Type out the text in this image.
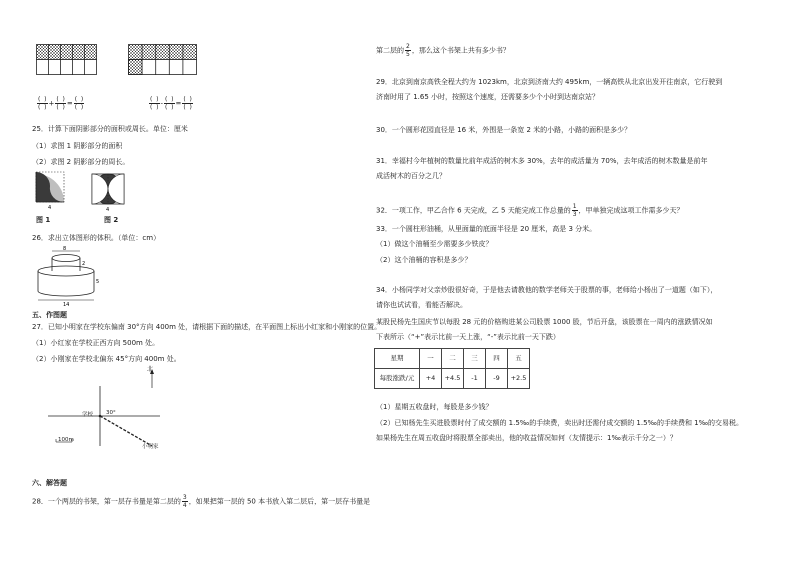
$\frac{( )}{( )} + \frac{( )}{( )} = \frac{( )}{( )}$	$\frac{( )}{( )} - \frac{( )}{( )} = \frac{( )}{( )}$
25．计算下面阴影部分的面积或周长。单位：厘米
（1）求图 1 阴影部分的面积
（2）求图 2 阴影部分的周长。
4	4
图 1	图 2
26．求出立体图形的体积。（单位：cm）
8
2
5
14
五、作图题
27．已知小明家在学校东偏南 30°方向 400m 处，请根据下面的描述，在平面图上标出小红家和小刚家的位置。
（1）小红家在学校正西方向 500m 处。
（2）小刚家在学校北偏东 45°方向 400m 处。
北
学校 30°
100m
小明家
六、解答题
28．一个两层的书架，第一层存书量是第二层的 $\frac{3}{4}$ ，如果把第一层的 50 本书放入第二层后，第一层存书量是
第二层的 $\frac{2}{5}$ ，那么这个书架上共有多少书？
29．北京到南京高铁全程大约为 1023km，北京到济南大约 495km，一辆高铁从北京出发开往南京，它行驶到
济南时用了 1.65 小时，按照这个速度，还需要多少个小时到达南京站？
30．一个圆形花园直径是 16 米，外围是一条宽 2 米的小路，小路的面积是多少？
31．幸福村今年植树的数量比前年成活的树木多 30%，去年的成活量为 70%，去年成活的树木数量是前年
成活树木的百分之几？
32．一项工作，甲乙合作 6 天完成，乙 5 天能完成工作总量的 $\frac{1}{3}$ ，甲单独完成这项工作需多少天？
33．一个圆柱形油桶，从里面量的底面半径是 20 厘米，高是 3 分米。
（1）做这个油桶至少需要多少铁皮？
（2）这个油桶的容积是多少？
34．小杨同学对父亲炒股很好奇，于是他去请教他的数学老师关于股票的事，老师给小杨出了一道题（如下），
请你也试试看，看能否解决。
某股民杨先生国庆节以每股 28 元的价格购进某公司股票 1000 股，节后开盘，该股票在一周内的涨跌情况如
下表所示（“+”表示比前一天上涨，“-”表示比前一天下跌）
星期	一	二	三	四	五
每股涨跌/元	+4	+4.5	-1	-9	+2.5
（1）星期五收盘时，每股是多少钱？
（2）已知杨先生买进股票时付了成交额的 1.5‰的手续费，卖出时还需付成交额的 1.5‰的手续费和 1‰的交易税。
如果杨先生在周五收盘时将股票全部卖出，他的收益情况如何（友情提示：1‰表示千分之一）？
